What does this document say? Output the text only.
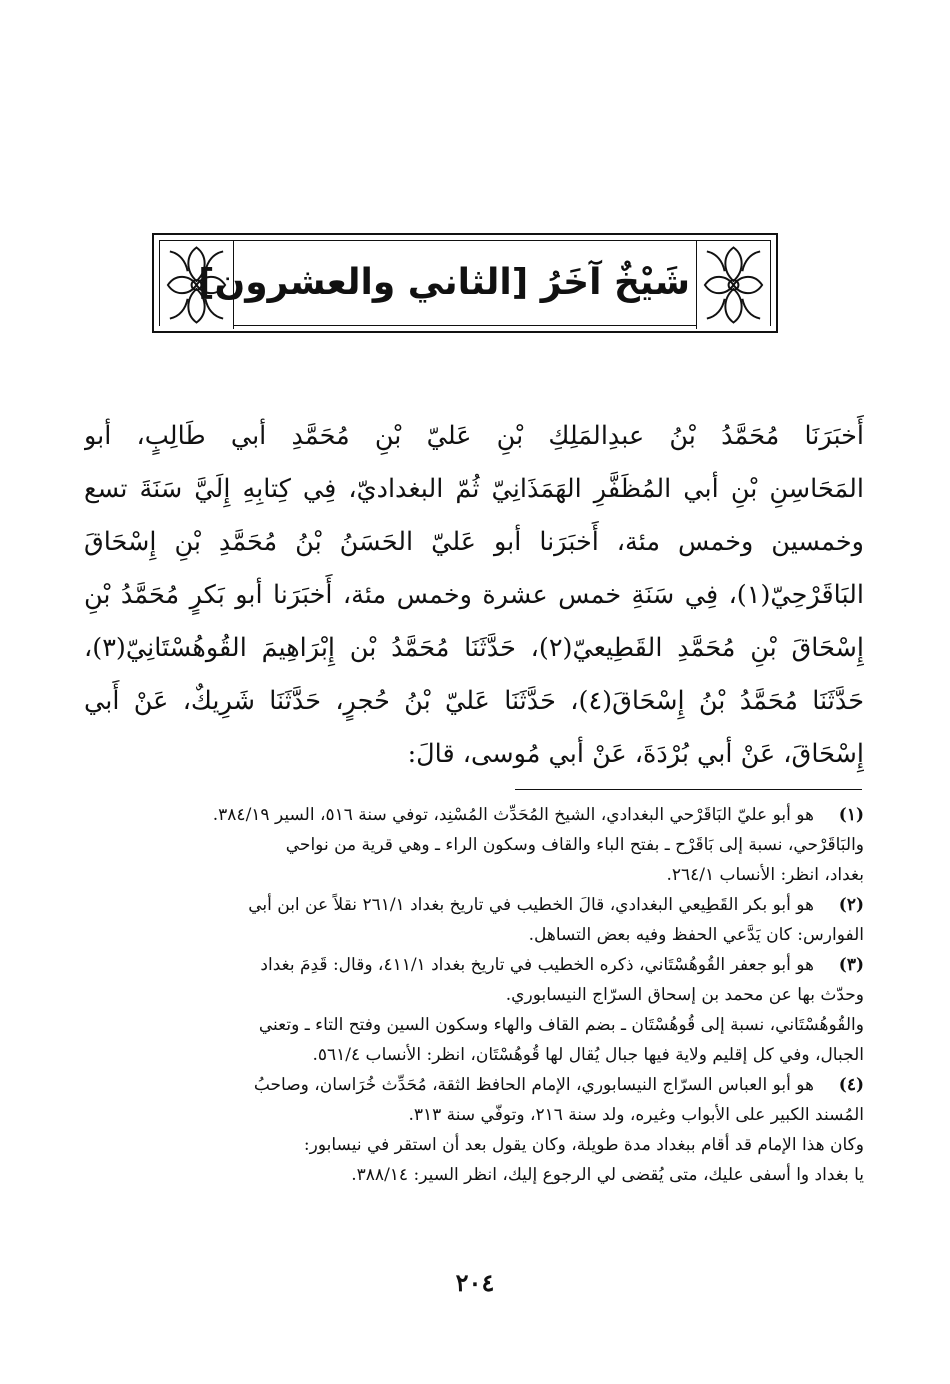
شَيْخٌ آخَرُ [الثاني والعشرون]
أَخبَرَنَا مُحَمَّدُ بْنُ عبدِالمَلِكِ بْنِ عَليّ بْنِ مُحَمَّدِ أبي طَالِبٍ، أبو
المَحَاسِنِ بْنِ أبي المُظَفَّرِ الهَمَذَانِيّ ثُمّ البغداديّ، فِي كِتابِهِ إِلَيَّ سَنَةَ تسع
وخمسين وخمس مئة، أَخبَرَنا أبو عَليّ الحَسَنُ بْنُ مُحَمَّدِ بْنِ إِسْحَاقَ
البَاقَرْحِيّ(١)، فِي سَنَةِ خمس عشرة وخمس مئة، أَخبَرَنا أبو بَكرٍ مُحَمَّدُ بْنِ
إِسْحَاقَ بْنِ مُحَمَّدِ القَطِيعيّ(٢)، حَدَّثَنَا مُحَمَّدُ بْن إِبْرَاهِيمَ القُوهُسْتَانِيّ(٣)،
حَدَّثَنَا مُحَمَّدُ بْنُ إِسْحَاقَ(٤)، حَدَّثَنَا عَليّ بْنُ حُجرٍ، حَدَّثَنَا شَرِيكٌ، عَنْ أَبي
إِسْحَاقَ، عَنْ أبي بُرْدَةَ، عَنْ أبي مُوسى، قالَ:
(١)
هو أبو عليّ البَاقَرْحي البغدادي، الشيخ المُحَدِّث المُسْنِد، توفي سنة ٥١٦، السير ٣٨٤/١٩.
والبَاقَرْحي، نسبة إلى بَاقَرْح ـ بفتح الباء والقاف وسكون الراء ـ وهي قرية من نواحي
بغداد، انظر: الأنساب ٢٦٤/١.
(٢)
هو أبو بكر القَطِيعي البغدادي، قالَ الخطيب في تاريخ بغداد ٢٦١/١ نقلاً عن ابن أبي
الفوارس: كان يَدَّعي الحفظ وفيه بعض التساهل.
(٣)
هو أبو جعفر القُوهُسْتَاني، ذكره الخطيب في تاريخ بغداد ٤١١/١، وقال: قَدِمَ بغداد
وحدّث بها عن محمد بن إسحاق السرّاج النيسابوري.
والقُوهُسْتَاني، نسبة إلى قُوهُسْتَان ـ بضم القاف والهاء وسكون السين وفتح التاء ـ وتعني
الجبال، وفي كل إقليم ولاية فيها جبال يُقال لها قُوهُسْتَان، انظر: الأنساب ٥٦١/٤.
(٤)
هو أبو العباس السرّاج النيسابوري، الإمام الحافظ الثقة، مُحَدِّث خُرَاسان، وصاحبُ
المُسند الكبير على الأبواب وغيره، ولد سنة ٢١٦، وتوفّي سنة ٣١٣.
وكان هذا الإمام قد أقام ببغداد مدة طويلة، وكان يقول بعد أن استقر في نيسابور:
يا بغداد وا أسفى عليك، متى يُقضى لي الرجوع إليك، انظر السير: ٣٨٨/١٤.
٢٠٤
